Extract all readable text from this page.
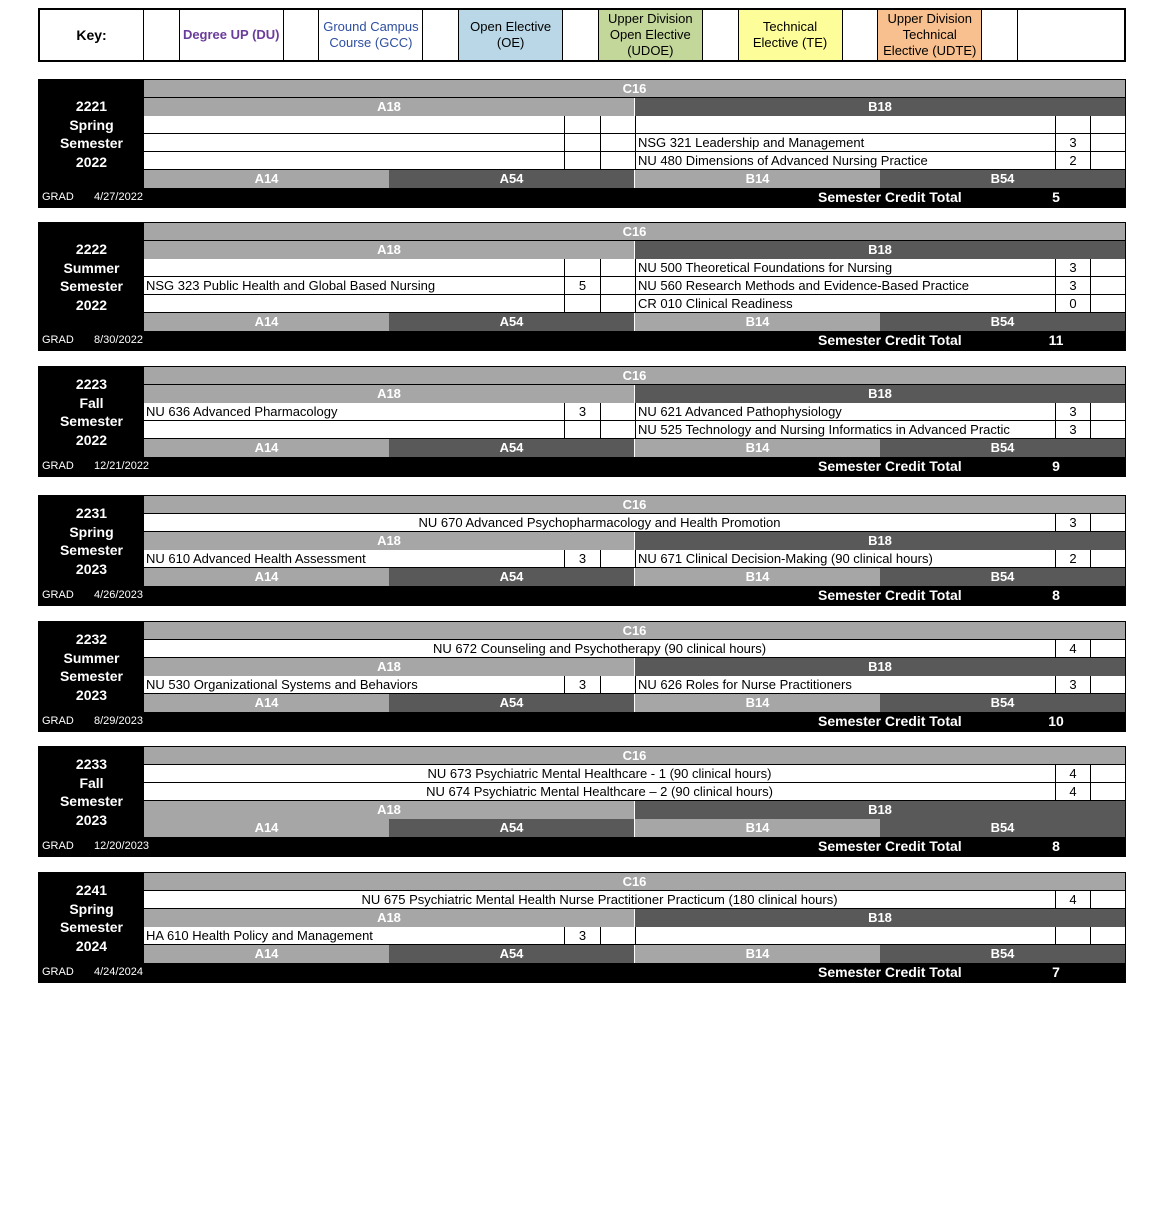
Key:	Degree UP (DU)
Ground Campus Course (GCC)
Open Elective (OE)
Upper Division Open Elective (UDOE)
Technical Elective (TE)
Upper Division Technical Elective (UDTE)
2221
Spring
Semester
2022
C16
A18	B18
NSG 321 Leadership and Management	3
NU 480 Dimensions of Advanced Nursing Practice	2
A14	A54	B14	B54
GRAD 4/27/2022	Semester Credit Total	5
2222
Summer
Semester
2022
C16
A18	B18
NU 500 Theoretical Foundations for Nursing	3
NSG 323 Public Health and Global Based Nursing	5	NU 560 Research Methods and Evidence-Based Practice	3
CR 010 Clinical Readiness	0
A14	A54	B14	B54
GRAD 8/30/2022	Semester Credit Total	11
2223
Fall
Semester
2022
C16
A18	B18
NU 636 Advanced Pharmacology	3	NU 621 Advanced Pathophysiology	3
NU 525 Technology and Nursing Informatics in Advanced Practic	3
A14	A54	B14	B54
GRAD 12/21/2022	Semester Credit Total	9
2231
Spring
Semester
2023
C16
NU 670 Advanced Psychopharmacology and Health Promotion	3
A18	B18
NU 610 Advanced Health Assessment	3	NU 671 Clinical Decision-Making (90 clinical hours)	2
A14	A54	B14	B54
GRAD 4/26/2023	Semester Credit Total	8
2232
Summer
Semester
2023
C16
NU 672 Counseling and Psychotherapy (90 clinical hours)	4
A18	B18
NU 530 Organizational Systems and Behaviors	3	NU 626 Roles for Nurse Practitioners	3
A14	A54	B14	B54
GRAD 8/29/2023	Semester Credit Total	10
2233
Fall
Semester
2023
C16
NU 673 Psychiatric Mental Healthcare - 1 (90 clinical hours)	4
NU 674 Psychiatric Mental Healthcare – 2 (90 clinical hours)	4
A18	B18
A14	A54	B14	B54
GRAD 12/20/2023	Semester Credit Total	8
2241
Spring
Semester
2024
C16
NU 675 Psychiatric Mental Health Nurse Practitioner Practicum (180 clinical hours)	4
A18	B18
HA 610 Health Policy and Management	3
A14	A54	B14	B54
GRAD 4/24/2024	Semester Credit Total	7
